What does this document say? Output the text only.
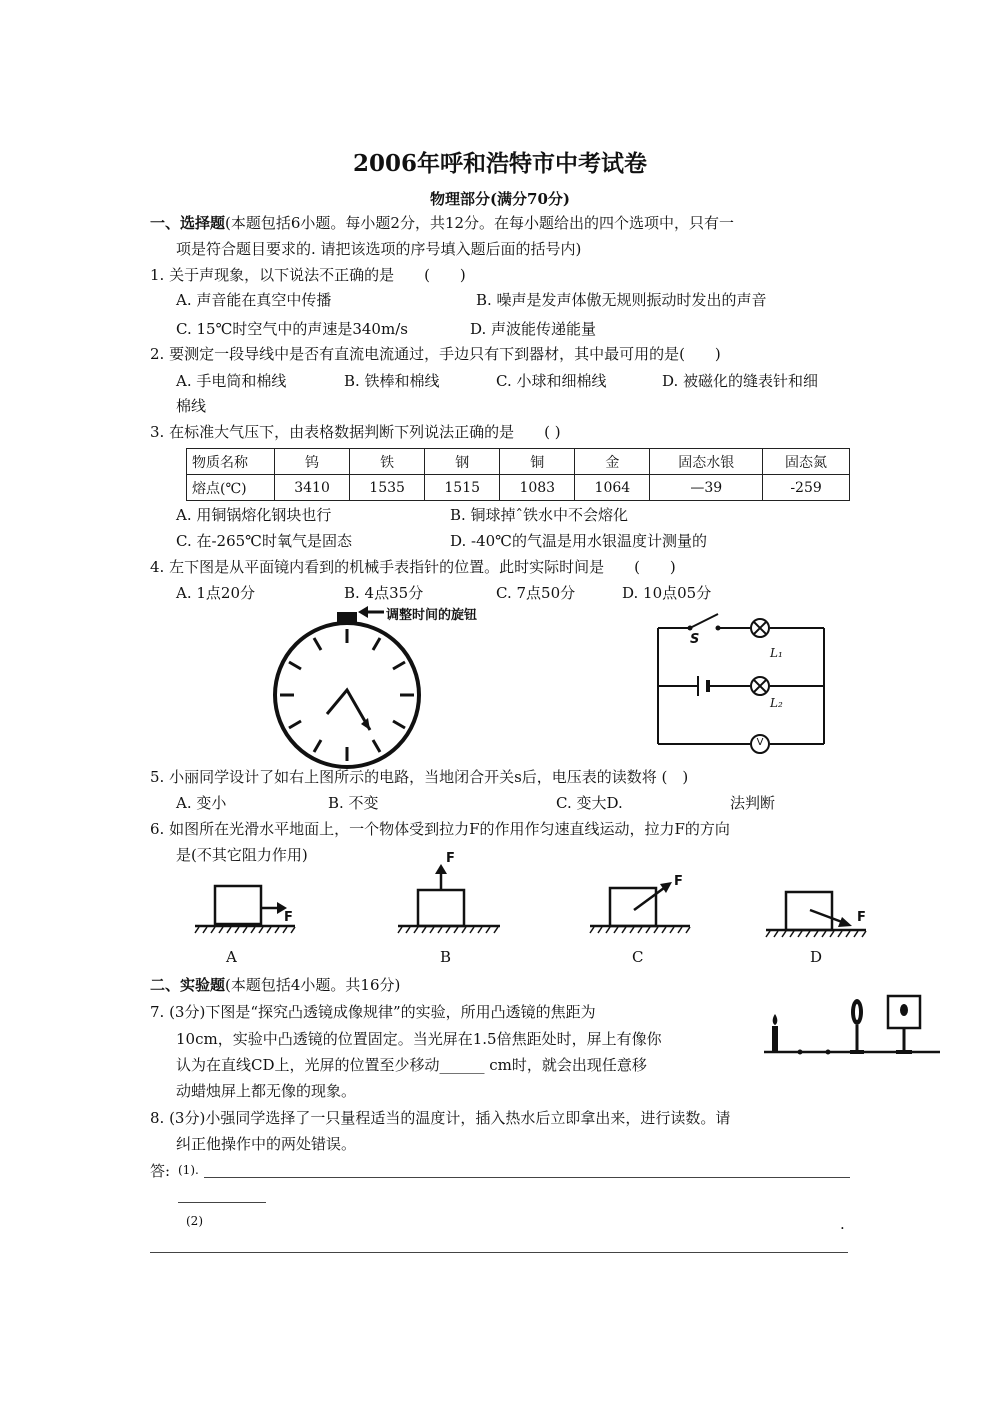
2006年呼和浩特市中考试卷
物理部分(满分70分)
一、选择题(本题包括6小题。每小题2分，共12分。在每小题给出的四个选项中，只有一
项是符合题目要求的. 请把该选项的序号填入题后面的括号内)
1. 关于声现象，以下说法不正确的是　　(　　)
A. 声音能在真空中传播	B. 噪声是发声体傲无规则振动时发出的声音
C. 15℃时空气中的声速是340m/s	D. 声波能传递能量
2. 要测定一段导线中是否有直流电流通过，手边只有下到器材，其中最可用的是(　　)
A. 手电筒和棉线	B. 铁棒和棉线	C. 小球和细棉线	D. 被磁化的缝表针和细
棉线
3. 在标准大气压下，由表格数据判断下列说法正确的是　　( )
物质名称	钨	铁	钢	铜	金	固态水银	固态氮
熔点(℃)	3410	1535	1515	1083	1064	—39	-259
A. 用铜锅熔化钢块也行	B. 铜球掉ˆ铁水中不会熔化
C. 在-265℃时氧气是固态	D. -40℃的气温是用水银温度计测量的
4. 左下图是从平面镜内看到的机械手表指针的位置。此时实际时间是　　(　　)
A. 1点20分	B. 4点35分	C. 7点50分	D. 10点05分
调整时间的旋钮
S
L₁
L₂
V
5. 小丽同学设计了如右上图所示的电路，当地闭合开关s后，电压表的读数将 (　)
A. 变小	B. 不变	C. 变大D.	法判断
6. 如图所在光滑水平地面上，一个物体受到拉力F的作用作匀速直线运动，拉力F的方向
是(不其它阻力作用)
F
F
F
F
A	B	C	D
二、实验题(本题包括4小题。共16分)
7. (3分)下图是“探究凸透镜成像规律”的实验，所用凸透镜的焦距为
10cm，实验中凸透镜的位置固定。当光屏在1.5倍焦距处时，屏上有像你
认为在直线CD上，光屏的位置至少移动______ cm时，就会出现任意移
动蜡烛屏上都无像的现象。
8. (3分)小强同学选择了一只量程适当的温度计，插入热水后立即拿出来，进行读数。请
纠正他操作中的两处错误。
答: (1).
(2)	.
